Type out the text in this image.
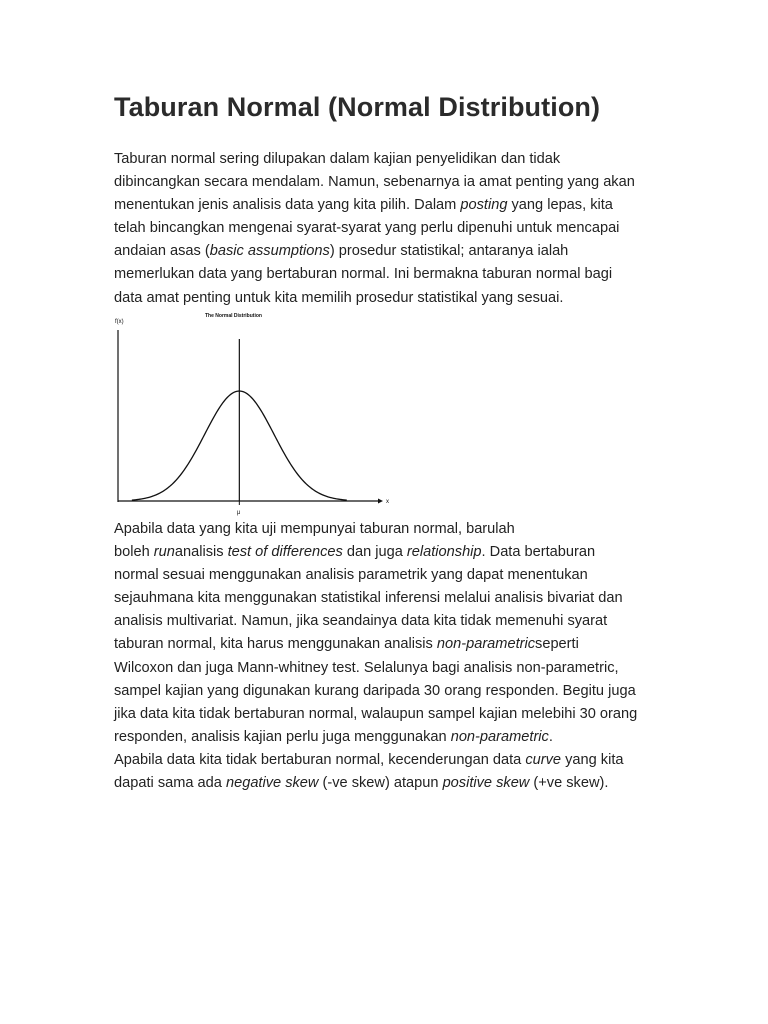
Taburan Normal (Normal Distribution)

Taburan normal sering dilupakan dalam kajian penyelidikan dan tidak
dibincangkan secara mendalam. Namun, sebenarnya ia amat penting yang akan
menentukan jenis analisis data yang kita pilih. Dalam posting yang lepas, kita
telah bincangkan mengenai syarat-syarat yang perlu dipenuhi untuk mencapai
andaian asas (basic assumptions) prosedur statistikal; antaranya ialah
memerlukan data yang bertaburan normal. Ini bermakna taburan normal bagi
data amat penting untuk kita memilih prosedur statistikal yang sesuai.

The Normal Distribution
f(x)
x
μ

Apabila data yang kita uji mempunyai taburan normal, barulah
boleh runanalisis test of differences dan juga relationship. Data bertaburan
normal sesuai menggunakan analisis parametrik yang dapat menentukan
sejauhmana kita menggunakan statistikal inferensi melalui analisis bivariat dan
analisis multivariat. Namun, jika seandainya data kita tidak memenuhi syarat
taburan normal, kita harus menggunakan analisis non-parametricseperti
Wilcoxon dan juga Mann-whitney test. Selalunya bagi analisis non-parametric,
sampel kajian yang digunakan kurang daripada 30 orang responden. Begitu juga
jika data kita tidak bertaburan normal, walaupun sampel kajian melebihi 30 orang
responden, analisis kajian perlu juga menggunakan non-parametric.
Apabila data kita tidak bertaburan normal, kecenderungan data curve yang kita
dapati sama ada negative skew (-ve skew) atapun positive skew (+ve skew).
